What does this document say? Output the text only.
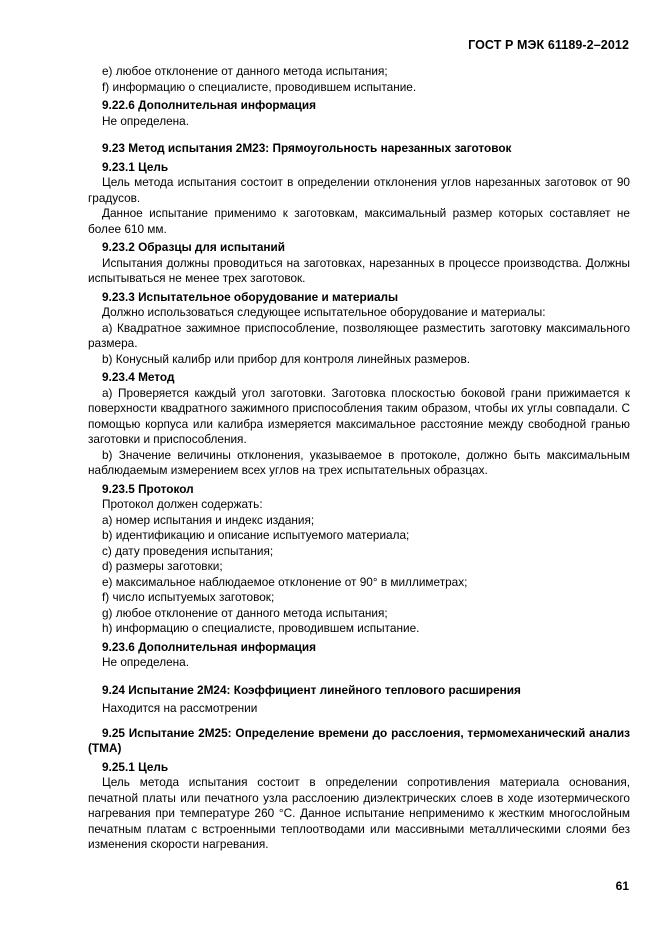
ГОСТ Р МЭК 61189-2–2012

e) любое отклонение от данного метода испытания;

f) информацию о специалисте, проводившем испытание.

9.22.6 Дополнительная информация

Не определена.

9.23 Метод испытания 2M23: Прямоугольность нарезанных заготовок

9.23.1 Цель

Цель метода испытания состоит в определении отклонения углов нарезанных заготовок от 90 градусов.

Данное испытание применимо к заготовкам, максимальный размер которых составляет не более 610 мм.

9.23.2 Образцы для испытаний

Испытания должны проводиться на заготовках, нарезанных в процессе производства. Должны испытываться не менее трех заготовок.

9.23.3 Испытательное оборудование и материалы

Должно использоваться следующее испытательное оборудование и материалы:

a) Квадратное зажимное приспособление, позволяющее разместить заготовку максимального размера.

b) Конусный калибр или прибор для контроля линейных размеров.

9.23.4 Метод

a) Проверяется каждый угол заготовки. Заготовка плоскостью боковой грани прижимается к поверхности квадратного зажимного приспособления таким образом, чтобы их углы совпадали. С помощью корпуса или калибра измеряется максимальное расстояние между свободной гранью заготовки и приспособления.

b) Значение величины отклонения, указываемое в протоколе, должно быть максимальным наблюдаемым измерением всех углов на трех испытательных образцах.

9.23.5 Протокол

Протокол должен содержать:

a) номер испытания и индекс издания;

b) идентификацию и описание испытуемого материала;

c) дату проведения испытания;

d) размеры заготовки;

e) максимальное наблюдаемое отклонение от 90° в миллиметрах;

f) число испытуемых заготовок;

g) любое отклонение от данного метода испытания;

h) информацию о специалисте, проводившем испытание.

9.23.6 Дополнительная информация

Не определена.

9.24 Испытание 2M24: Коэффициент линейного теплового расширения

Находится на рассмотрении

9.25 Испытание 2M25: Определение времени до расслоения, термомеханический анализ (ТМА)

9.25.1 Цель

Цель метода испытания состоит в определении сопротивления материала основания, печатной платы или печатного узла расслоению диэлектрических слоев в ходе изотермического нагревания при температуре 260 °С. Данное испытание неприменимо к жестким многослойным печатным платам с встроенными теплоотводами или массивными металлическими слоями без изменения скорости нагревания.

61
